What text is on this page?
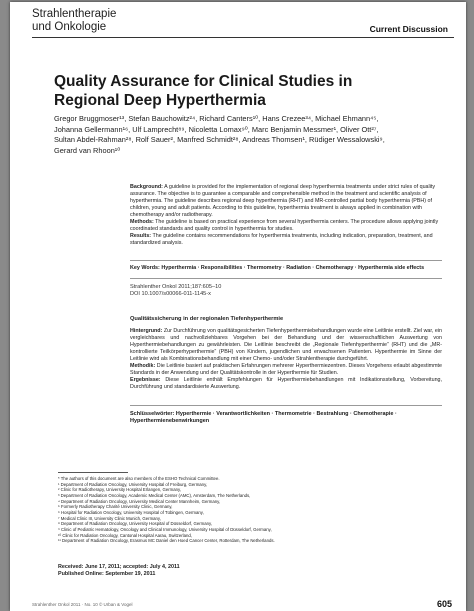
Strahlentherapie
und Onkologie	Current Discussion
Quality Assurance for Clinical Studies in
Regional Deep Hyperthermia
Gregor Bruggmoser¹³, Stefan Bauchowitz²⁴, Richard Canters¹⁰, Hans Crezee³⁴, Michael Ehmann⁴⁵,
Johanna Gellermann¹⁶, Ulf Lamprecht⁸⁹, Nicoletta Lomax⁹⁰, Marc Benjamin Messmer¹, Oliver Ott²⁷,
Sultan Abdel-Rahman²⁸, Rolf Sauer², Manfred Schmidt²⁸, Andreas Thomsen¹, Rüdiger Wessalowski⁹,
Gerard van Rhoon¹⁰

Background: A guideline is provided for the implementation of regional deep hyperthermia treatments under strict rules of quality assurance. The objective is to guarantee a comparable and comprehensible method in the treatment and scientific analysis of hyperthermia. The guideline describes regional deep hyperthermia (RHT) and MR-controlled partial body hyperthermia (PBH) of children, young and adult patients. According to this guideline, hyperthermia treatment is always applied in combination with chemotherapy and/or radiotherapy.

Methods: The guideline is based on practical experience from several hyperthermia centers. The procedure allows applying jointly coordinated standards and quality control in hyperthermia for studies.

Results: The guideline contains recommendations for hyperthermia treatments, including indication, preparation, treatment, and standardized analysis.

Key Words: Hyperthermia · Responsibilities · Thermometry · Radiation · Chemotherapy · Hyperthermia side effects
Strahlenther Onkol 2011;187:605–10
DOI 10.1007/s00066-011-1145-x
Qualitätssicherung in der regionalen Tiefenhyperthermie

Hintergrund: Zur Durchführung von qualitätsgesicherten Tiefenhyperthermiebehandlungen wurde eine Leitlinie erstellt. Ziel war, ein vergleichbares und nachvollziehbares Vorgehen bei der Behandlung und der wissenschaftlichen Auswertung von Hyperthermiebehandlungen zu gewährleisten. Die Leitlinie beschreibt die „Regionale Tiefenhyperthermie“ (RHT) und die „MR-kontrollierte Teilkörperhyperthermie“ (PBH) von Kindern, jugendlichen und erwachsenen Patienten. Hyperthermie im Sinne der Leitlinie wird als Kombinationsbehandlung mit einer Chemo- und/oder Strahlentherapie durchgeführt.

Methodik: Die Leitlinie basiert auf praktischen Erfahrungen mehrerer Hyperthermiezentren. Dieses Vorgehens erlaubt abgestimmte Standards in der Anwendung und der Qualitätskontrolle in der Hyperthermie für Studien.

Ergebnisse: Diese Leitlinie enthält Empfehlungen für Hyperthermiebehandlungen mit Indikationsstellung, Vorbereitung, Durchführung und standardisierte Auswertung.

Schlüsselwörter: Hyperthermie · Verantwortlichkeiten · Thermometrie · Bestrahlung · Chemotherapie ·
Hyperthermienebenwirkungen
* The authors of this document are also members of the ESHO Technical Committee.
¹ Department of Radiation Oncology, University Hospital of Freiburg, Germany,
² Clinic for Radiotherapy, University Hospital Erlangen, Germany,
³ Department of Radiation Oncology, Academic Medical Center (AMC), Amsterdam, The Netherlands,
⁴ Department of Radiation Oncology, University Medical Center Mannheim, Germany,
⁵ Formerly Radiotherapy Charité University Clinic, Germany,
⁶ Hospital for Radiation Oncology, University Hospital of Tübingen, Germany,
⁷ Medical Clinic III, University Clinic Munich, Germany,
⁸ Department of Radiation Oncology, University Hospital of Düsseldorf, Germany,
⁹ Clinic of Pediatric Hematology, Oncology and Clinical Immunology, University Hospital of Düsseldorf, Germany,
¹⁰ Clinic for Radiation Oncology, Cantonal Hospital Aarau, Switzerland,
¹¹ Department of Radiation Oncology, Erasmus MC Daniel den Hoed Cancer Center, Rotterdam, The Netherlands.
Received: June 17, 2011; accepted: July 4, 2011
Published Online: September 19, 2011
Strahlenther Onkol 2011 · No. 10 © Urban & Vogel	605
